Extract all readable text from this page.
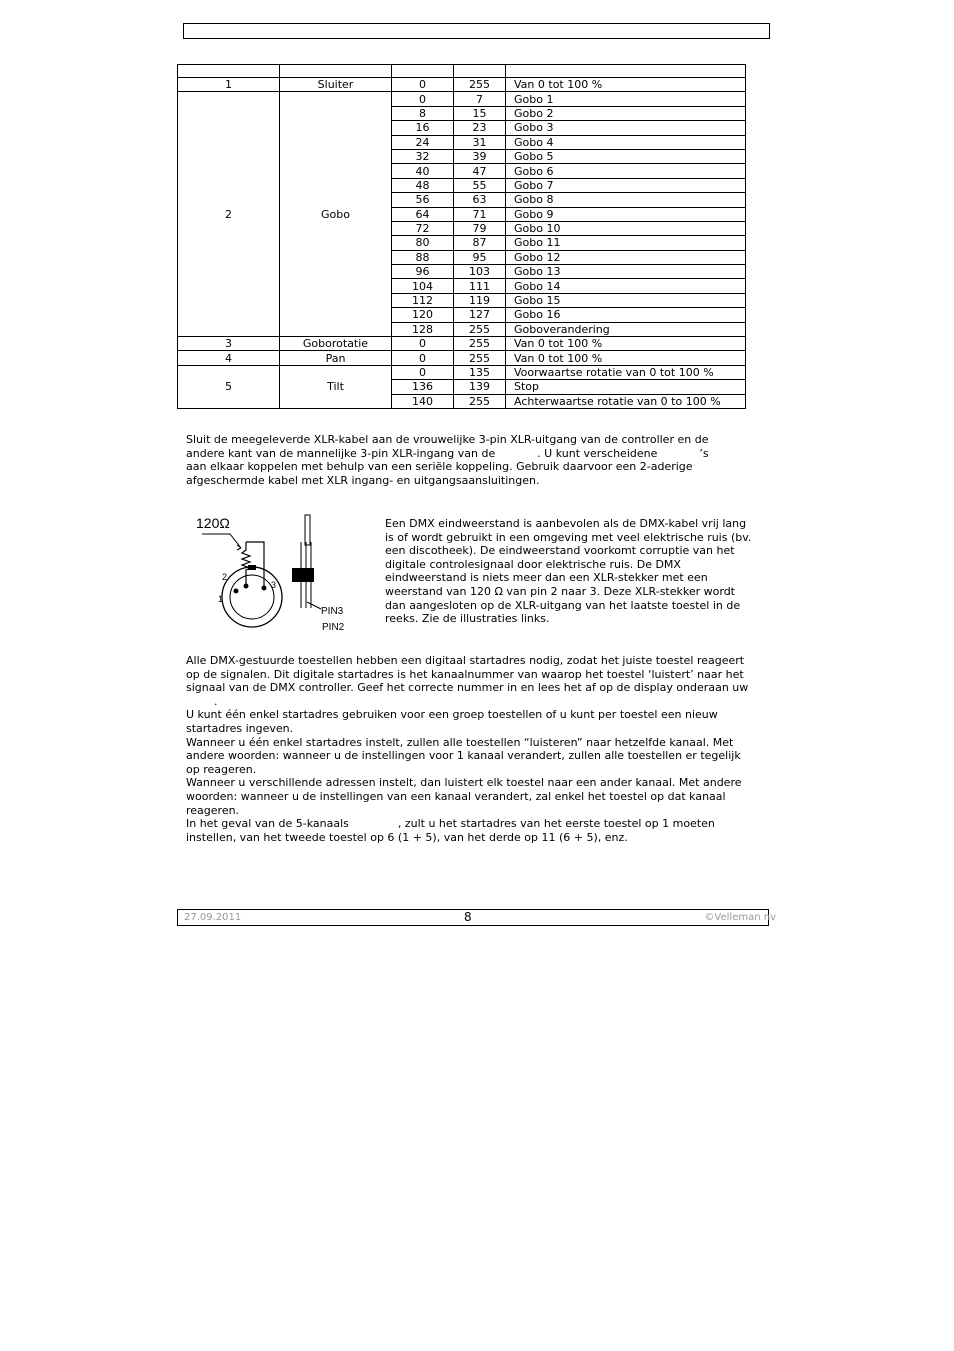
1	Sluiter	0	255	Van 0 tot 100 %
2	Gobo	0	7	Gobo 1
		8	15	Gobo 2
		16	23	Gobo 3
		24	31	Gobo 4
		32	39	Gobo 5
		40	47	Gobo 6
		48	55	Gobo 7
		56	63	Gobo 8
		64	71	Gobo 9
		72	79	Gobo 10
		80	87	Gobo 11
		88	95	Gobo 12
		96	103	Gobo 13
		104	111	Gobo 14
		112	119	Gobo 15
		120	127	Gobo 16
		128	255	Goboverandering
3	Goborotatie	0	255	Van 0 tot 100 %
4	Pan	0	255	Van 0 tot 100 %
5	Tilt	0	135	Voorwaartse rotatie van 0 tot 100 %
		136	139	Stop
		140	255	Achterwaartse rotatie van 0 to 100 %

Sluit de meegeleverde XLR-kabel aan de vrouwelijke 3-pin XLR-uitgang van de controller en de

andere kant van de mannelijke 3-pin XLR-ingang van de            . U kunt verscheidene            ’s

aan elkaar koppelen met behulp van een seriële koppeling. Gebruik daarvoor een 2-aderige

afgeschermde kabel met XLR ingang- en uitgangsaansluitingen.

120Ω
1
2
3
PIN3
PIN2

Een DMX eindweerstand is aanbevolen als de DMX-kabel vrij lang

is of wordt gebruikt in een omgeving met veel elektrische ruis (bv.

een discotheek). De eindweerstand voorkomt corruptie van het

digitale controlesignaal door elektrische ruis. De DMX

eindweerstand is niets meer dan een XLR-stekker met een

weerstand van 120 Ω van pin 2 naar 3. Deze XLR-stekker wordt

dan aangesloten op de XLR-uitgang van het laatste toestel in de

reeks. Zie de illustraties links.

Alle DMX-gestuurde toestellen hebben een digitaal startadres nodig, zodat het juiste toestel reageert

op de signalen. Dit digitale startadres is het kanaalnummer van waarop het toestel ‘luistert’ naar het

signaal van de DMX controller. Geef het correcte nummer in en lees het af op de display onderaan uw

.

U kunt één enkel startadres gebruiken voor een groep toestellen of u kunt per toestel een nieuw

startadres ingeven.

Wanneer u één enkel startadres instelt, zullen alle toestellen “luisteren” naar hetzelfde kanaal. Met

andere woorden: wanneer u de instellingen voor 1 kanaal verandert, zullen alle toestellen er tegelijk

op reageren.

Wanneer u verschillende adressen instelt, dan luistert elk toestel naar een ander kanaal. Met andere

woorden: wanneer u de instellingen van een kanaal verandert, zal enkel het toestel op dat kanaal

reageren.

In het geval van de 5-kanaals              , zult u het startadres van het eerste toestel op 1 moeten

instellen, van het tweede toestel op 6 (1 + 5), van het derde op 11 (6 + 5), enz.

27.09.2011	8	©Velleman nv
